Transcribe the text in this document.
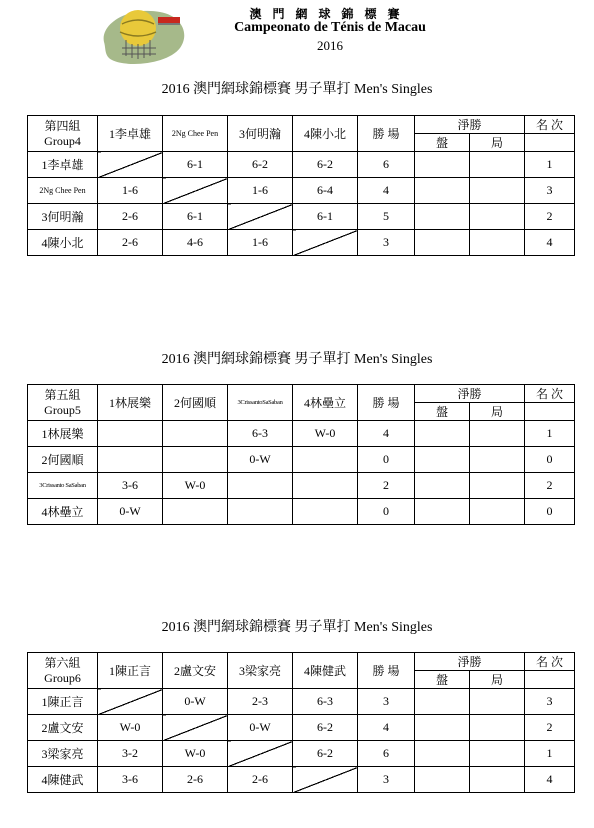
澳門網球錦標賽
Campeonato de Ténis de Macau
2016
2016 澳門網球錦標賽 男子單打 Men's Singles
第四組
Group4	1李卓雄	2Ng Chee Pen	3何明瀚	4陳小北	勝 場	淨勝		名 次
						盤	局	
1李卓雄		6-1	6-2	6-2	6			1
2Ng Chee Pen	1-6		1-6	6-4	4			3
3何明瀚	2-6	6-1		6-1	5			2
4陳小北	2-6	4-6	1-6		3			4
2016 澳門網球錦標賽 男子單打 Men's Singles
第五組
Group5	1林展樂	2何國順	3CrissantoSaSaban	4林壘立	勝 場	淨勝		名 次
						盤	局	
1林展樂			6-3	W-0	4			1
2何國順			0-W		0			0
3Crissanto SaSaban	3-6	W-0			2			2
4林壘立	0-W				0			0
2016 澳門網球錦標賽 男子單打 Men's Singles
第六組
Group6	1陳正言	2盧文安	3梁家亮	4陳健武	勝 場	淨勝		名 次
						盤	局	
1陳正言		0-W	2-3	6-3	3			3
2盧文安	W-0		0-W	6-2	4			2
3梁家亮	3-2	W-0		6-2	6			1
4陳健武	3-6	2-6	2-6		3			4
